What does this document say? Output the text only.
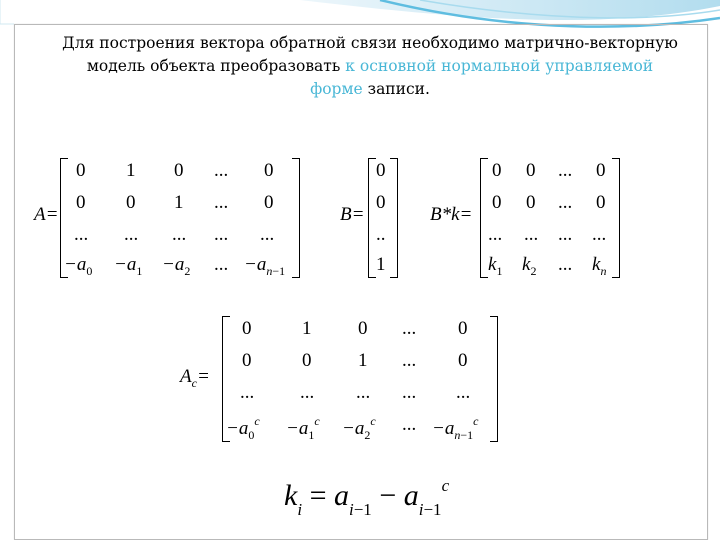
Для построения вектора обратной связи необходимо матрично-векторную модель объекта преобразовать к основной нормальной управляемой форме записи.
A=
0 1 0 ... 0
0 0 1 ... 0
... ... ... ... ...
$-a_0 -a_1 -a_2$ ... $-a_{n-1}$
B=
0
0
..
1
B*k=
0 0 ... 0
0 0 ... 0
... ... ... ...
$k_1$ $k_2$ ... $k_n$
$A_c=$
0	1 0 ... 0
0	0 1 ... 0
... ... ... ... ...
$-a_0^c -a_1^c -a_2^c$ ... $-a_{n-1}^c$
$k_i = a_{i-1} - a_{i-1}^c$
